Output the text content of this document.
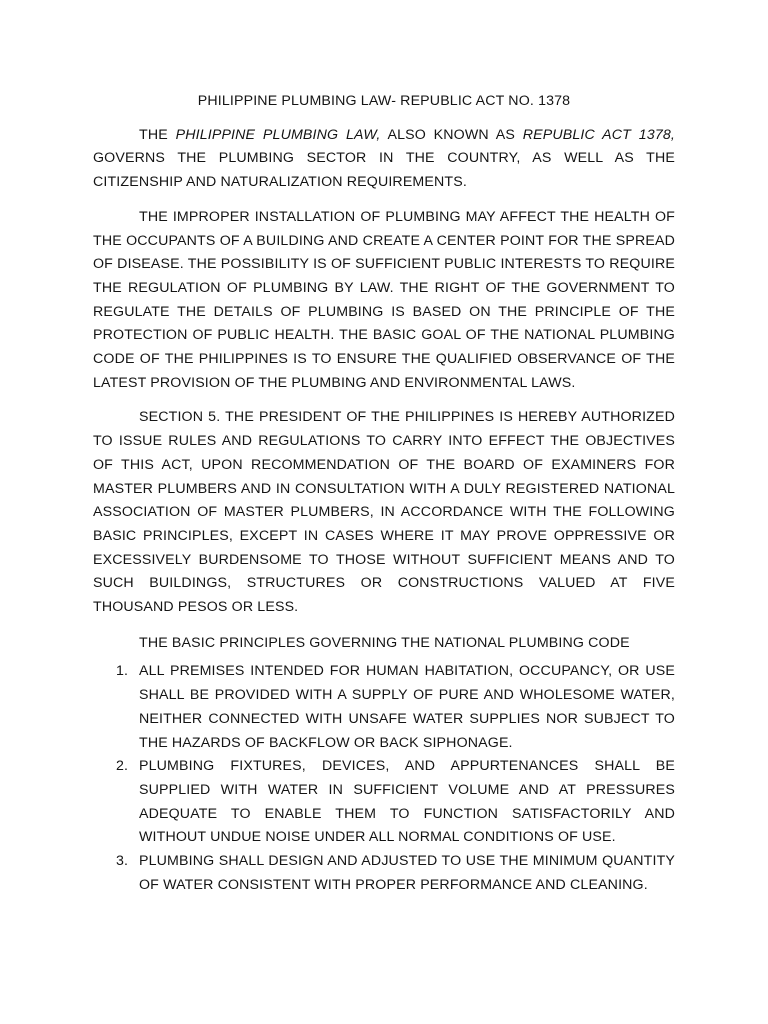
PHILIPPINE PLUMBING LAW- REPUBLIC ACT NO. 1378

THE PHILIPPINE PLUMBING LAW, ALSO KNOWN AS REPUBLIC ACT 1378, GOVERNS THE PLUMBING SECTOR IN THE COUNTRY, AS WELL AS THE CITIZENSHIP AND NATURALIZATION REQUIREMENTS.

THE IMPROPER INSTALLATION OF PLUMBING MAY AFFECT THE HEALTH OF THE OCCUPANTS OF A BUILDING AND CREATE A CENTER POINT FOR THE SPREAD OF DISEASE. THE POSSIBILITY IS OF SUFFICIENT PUBLIC INTERESTS TO REQUIRE THE REGULATION OF PLUMBING BY LAW. THE RIGHT OF THE GOVERNMENT TO REGULATE THE DETAILS OF PLUMBING IS BASED ON THE PRINCIPLE OF THE PROTECTION OF PUBLIC HEALTH. THE BASIC GOAL OF THE NATIONAL PLUMBING CODE OF THE PHILIPPINES IS TO ENSURE THE QUALIFIED OBSERVANCE OF THE LATEST PROVISION OF THE PLUMBING AND ENVIRONMENTAL LAWS.

SECTION 5. THE PRESIDENT OF THE PHILIPPINES IS HEREBY AUTHORIZED TO ISSUE RULES AND REGULATIONS TO CARRY INTO EFFECT THE OBJECTIVES OF THIS ACT, UPON RECOMMENDATION OF THE BOARD OF EXAMINERS FOR MASTER PLUMBERS AND IN CONSULTATION WITH A DULY REGISTERED NATIONAL ASSOCIATION OF MASTER PLUMBERS, IN ACCORDANCE WITH THE FOLLOWING BASIC PRINCIPLES, EXCEPT IN CASES WHERE IT MAY PROVE OPPRESSIVE OR EXCESSIVELY BURDENSOME TO THOSE WITHOUT SUFFICIENT MEANS AND TO SUCH BUILDINGS, STRUCTURES OR CONSTRUCTIONS VALUED AT FIVE THOUSAND PESOS OR LESS.

THE BASIC PRINCIPLES GOVERNING THE NATIONAL PLUMBING CODE
1. ALL PREMISES INTENDED FOR HUMAN HABITATION, OCCUPANCY, OR USE SHALL BE PROVIDED WITH A SUPPLY OF PURE AND WHOLESOME WATER, NEITHER CONNECTED WITH UNSAFE WATER SUPPLIES NOR SUBJECT TO THE HAZARDS OF BACKFLOW OR BACK SIPHONAGE.
2. PLUMBING FIXTURES, DEVICES, AND APPURTENANCES SHALL BE SUPPLIED WITH WATER IN SUFFICIENT VOLUME AND AT PRESSURES ADEQUATE TO ENABLE THEM TO FUNCTION SATISFACTORILY AND WITHOUT UNDUE NOISE UNDER ALL NORMAL CONDITIONS OF USE.
3. PLUMBING SHALL DESIGN AND ADJUSTED TO USE THE MINIMUM QUANTITY OF WATER CONSISTENT WITH PROPER PERFORMANCE AND CLEANING.
